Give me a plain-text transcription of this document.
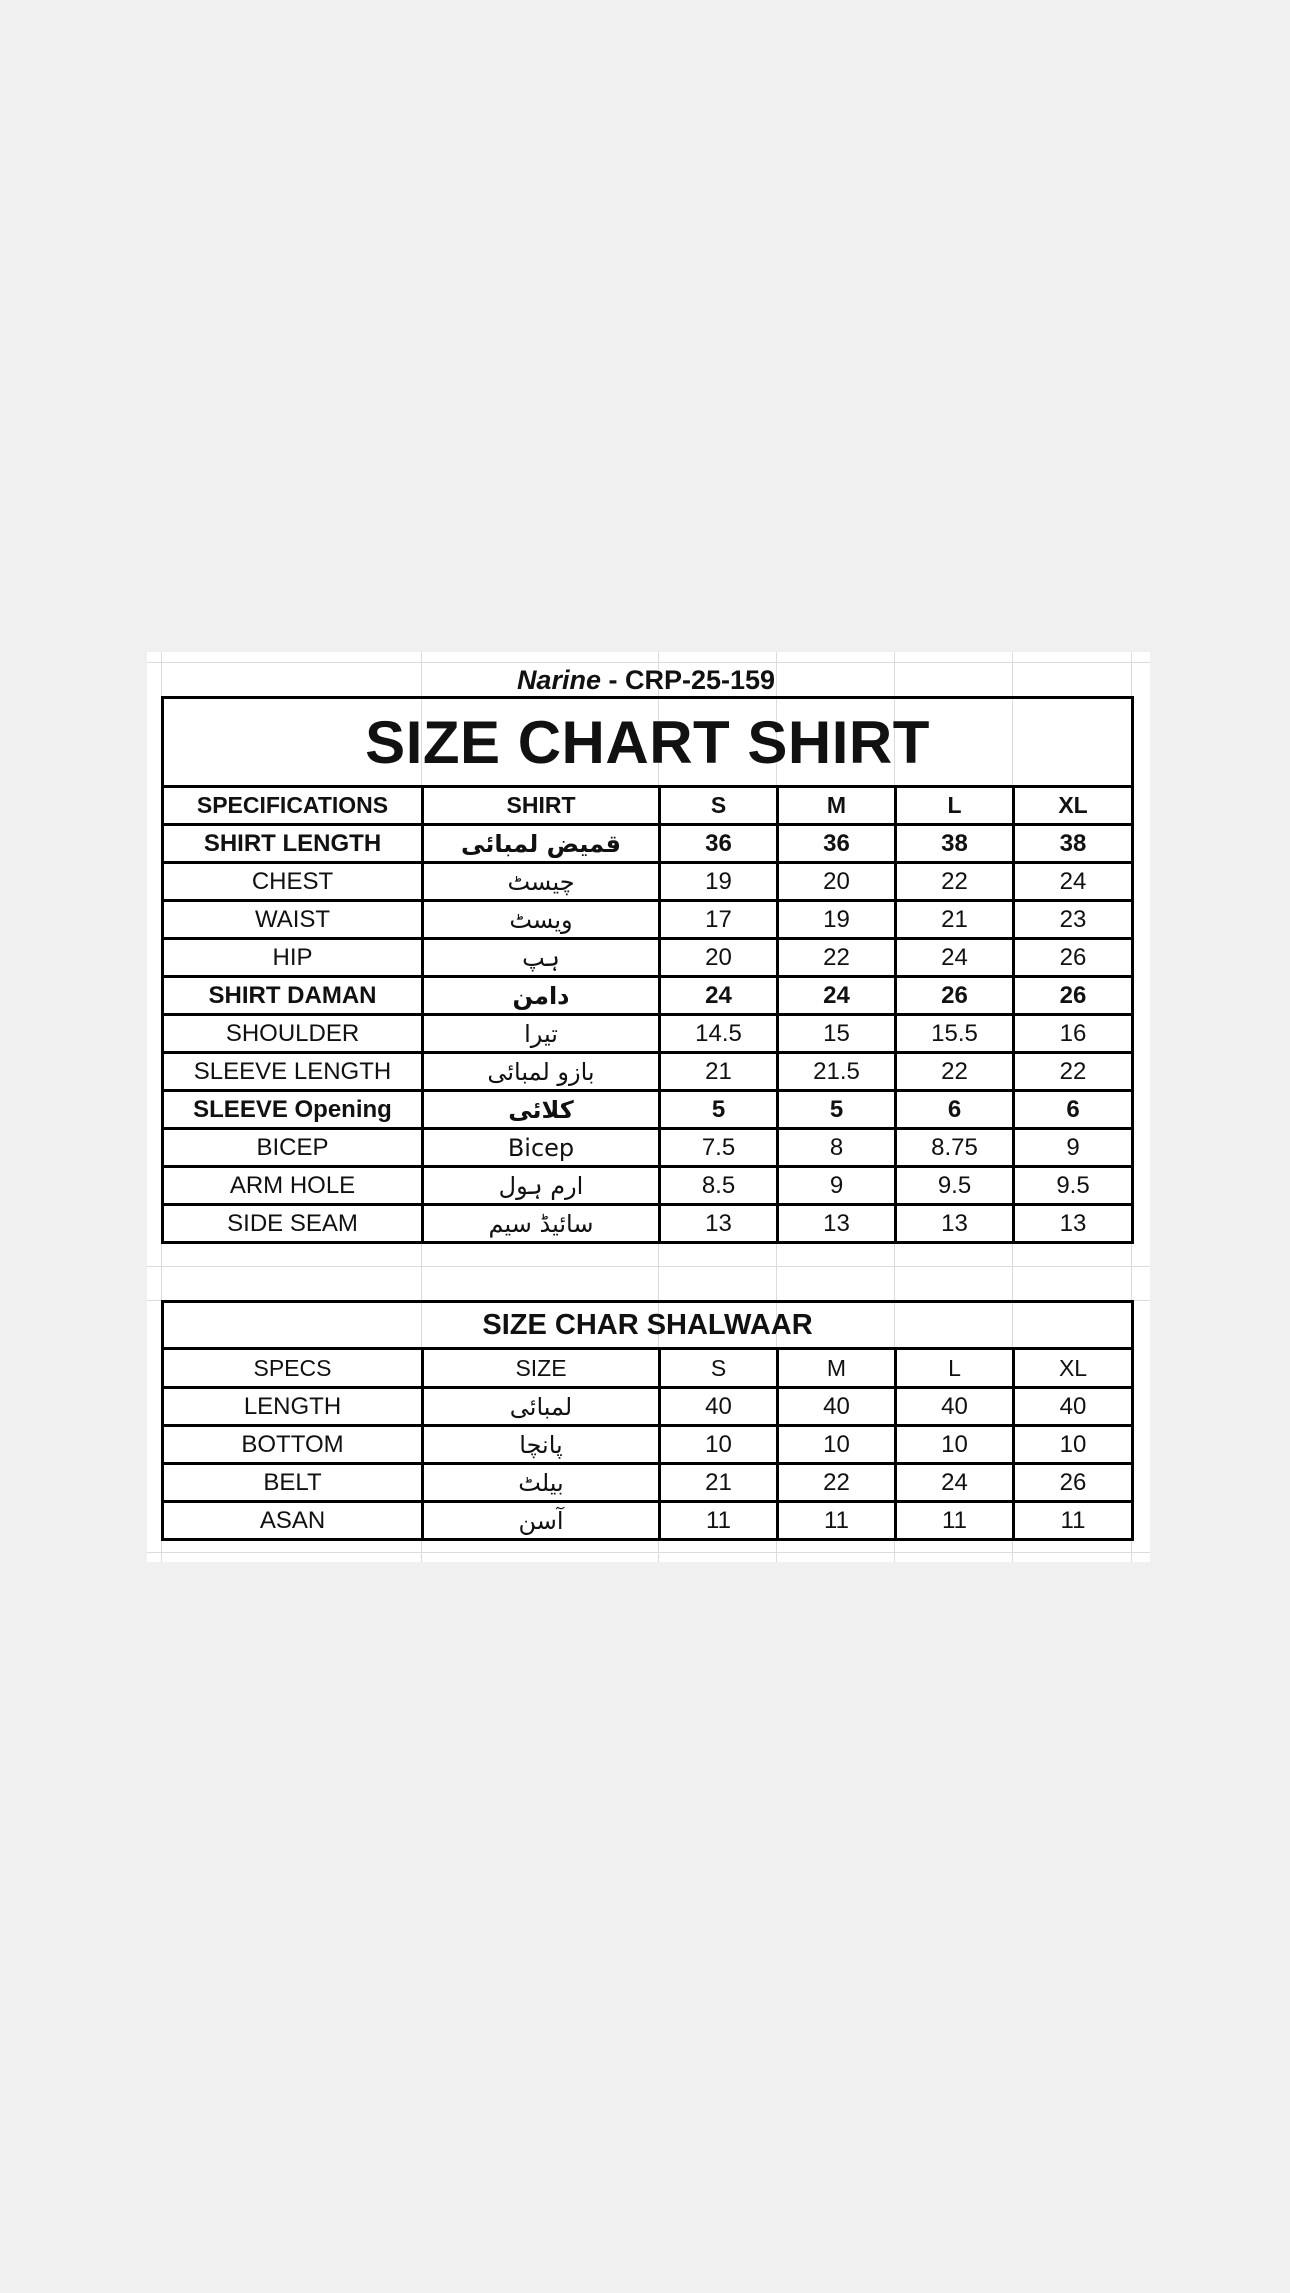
Narine - CRP-25-159
SIZE CHART SHIRT					
SPECIFICATIONS	SHIRT	S	M	L	XL
SHIRT LENGTH	قمیض لمبائی	36	36	38	38
CHEST	چیسٹ	19	20	22	24
WAIST	ویسٹ	17	19	21	23
HIP	ہپ	20	22	24	26
SHIRT DAMAN	دامن	24	24	26	26
SHOULDER	تیرا	14.5	15	15.5	16
SLEEVE LENGTH	بازو لمبائی	21	21.5	22	22
SLEEVE Opening	کلائی	5	5	6	6
BICEP	Bicep	7.5	8	8.75	9
ARM HOLE	ارم ہول	8.5	9	9.5	9.5
SIDE SEAM	سائیڈ سیم	13	13	13	13
SIZE CHAR SHALWAAR					
SPECS	SIZE	S	M	L	XL
LENGTH	لمبائی	40	40	40	40
BOTTOM	پانچا	10	10	10	10
BELT	بیلٹ	21	22	24	26
ASAN	آسن	11	11	11	11
